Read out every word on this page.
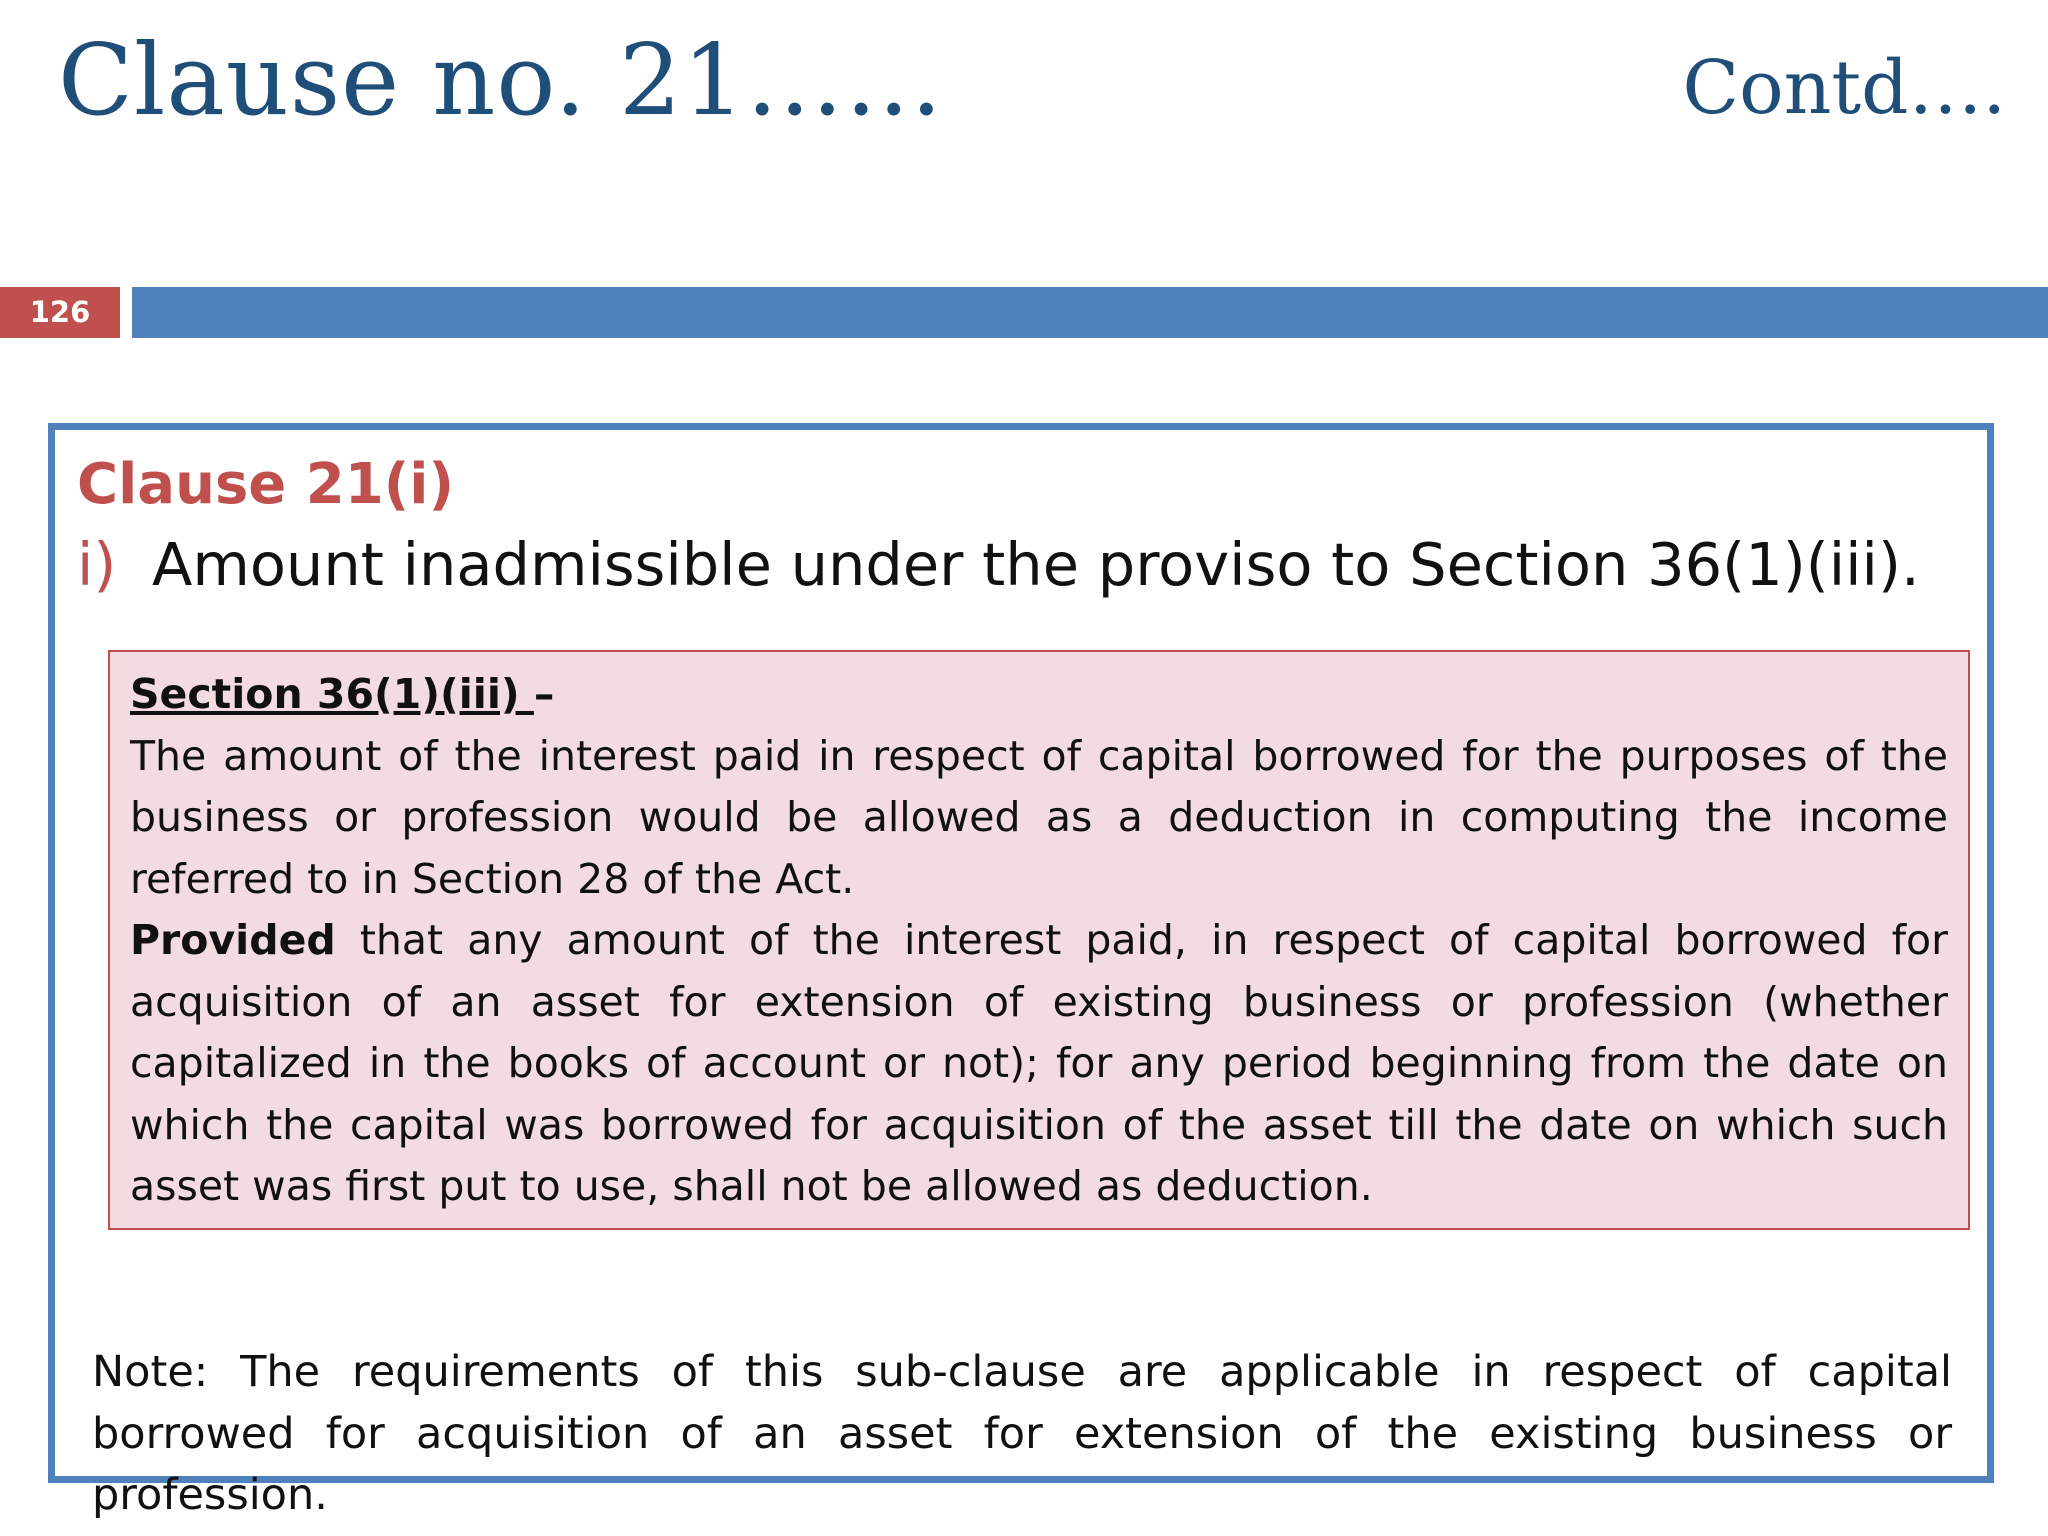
Clause no. 21……	Contd….
126
Clause 21(i)
i) Amount inadmissible under the proviso to Section 36(1)(iii).

Section 36(1)(iii) –

The amount of the interest paid in respect of capital borrowed for the purposes of the business or profession would be allowed as a deduction in computing the income referred to in Section 28 of the Act.

Provided that any amount of the interest paid, in respect of capital borrowed for acquisition of an asset for extension of existing business or profession (whether capitalized in the books of account or not); for any period beginning from the date on which the capital was borrowed for acquisition of the asset till the date on which such asset was first put to use, shall not be allowed as deduction.

Note: The requirements of this sub-clause are applicable in respect of capital borrowed for acquisition of an asset for extension of the existing business or profession.
